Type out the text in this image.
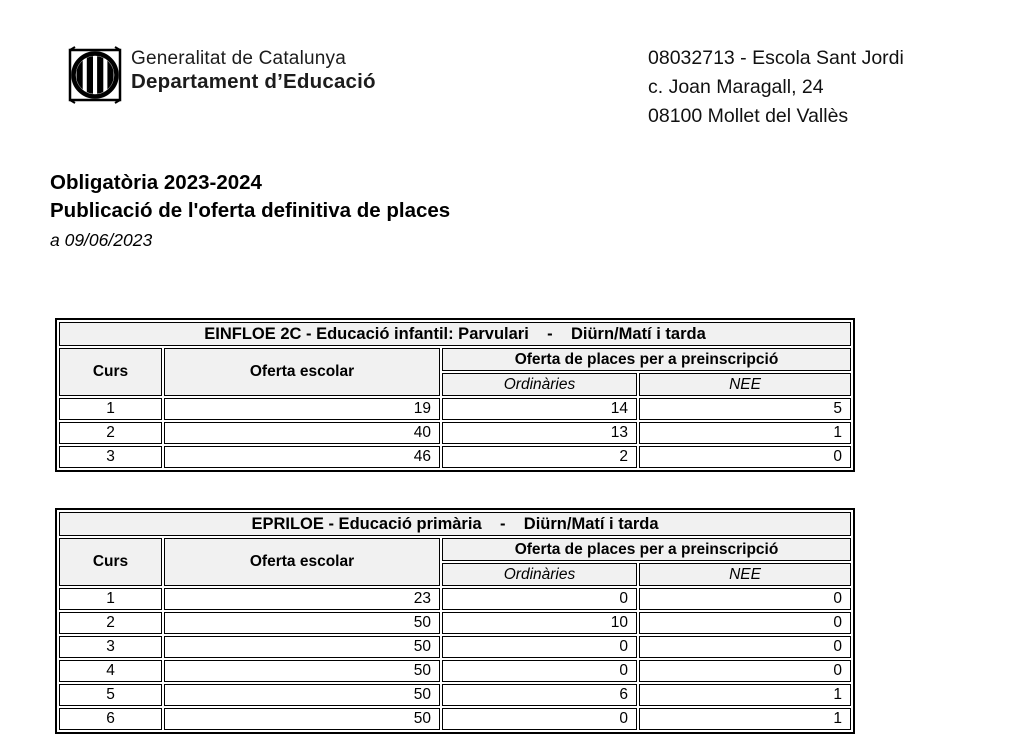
Generalitat de Catalunya
Departament d’Educació
08032713 - Escola Sant Jordi
c. Joan Maragall, 24
08100 Mollet del Vallès
Obligatòria 2023-2024
Publicació de l'oferta definitiva de places
a 09/06/2023
EINFLOE 2C - Educació infantil: Parvulari    -    Diürn/Matí i tarda			
Curs	Oferta escolar	Oferta de places per a preinscripció	
		Ordinàries	NEE
1	19	14	5
2	40	13	1
3	46	2	0
EPRILOE - Educació primària    -    Diürn/Matí i tarda			
Curs	Oferta escolar	Oferta de places per a preinscripció	
		Ordinàries	NEE
1	23	0	0
2	50	10	0
3	50	0	0
4	50	0	0
5	50	6	1
6	50	0	1
